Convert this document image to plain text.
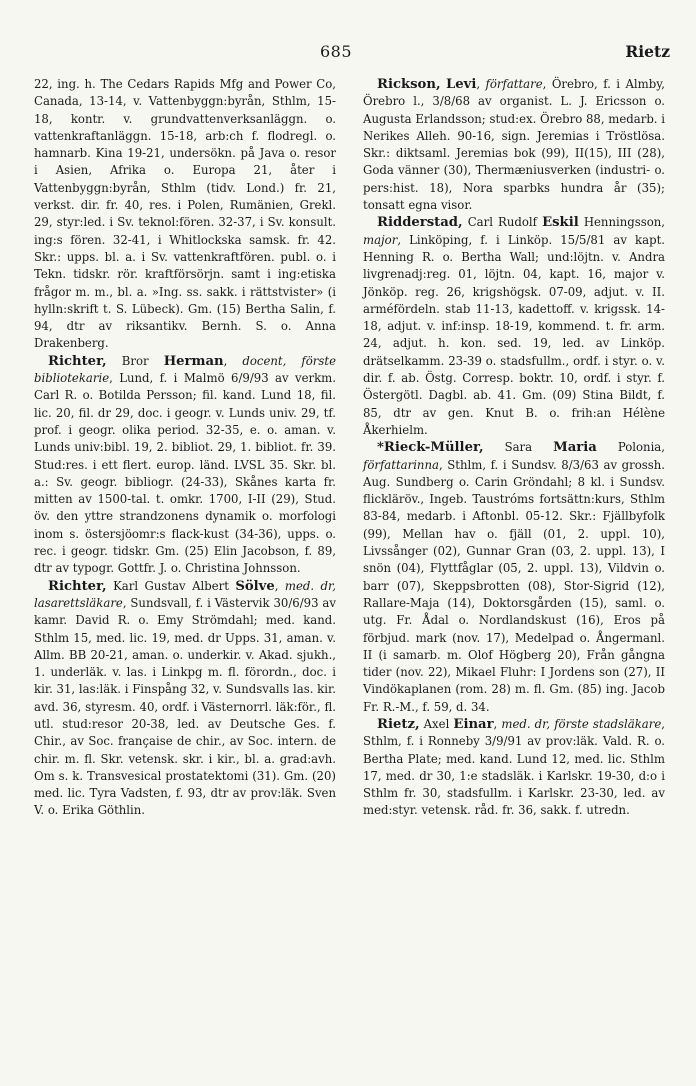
685	Rietz

22, ing. h. The Cedars Rapids Mfg and Power Co, Canada, 13-14, v. Vattenbyggn:byrån, Sthlm, 15-18, kontr. v. grundvattenverksanläggn. o. vattenkraftanläggn. 15-18, arb:ch f. flodregl. o. hamnarb. Kina 19-21, undersökn. på Java o. resor i Asien, Afrika o. Europa 21, åter i Vattenbyggn:byrån, Sthlm (tidv. Lond.) fr. 21, verkst. dir. fr. 40, res. i Polen, Rumänien, Grekl. 29, styr:led. i Sv. teknol:fören. 32-37, i Sv. konsult. ing:s fören. 32-41, i Whitlockska samsk. fr. 42. Skr.: upps. bl. a. i Sv. vattenkraftfören. publ. o. i Tekn. tidskr. rör. kraftförsörjn. samt i ing:etiska frågor m. m., bl. a. »Ing. ss. sakk. i rättstvister» (i hylln:skrift t. S. Lübeck). Gm. (15) Bertha Salin, f. 94, dtr av riksantikv. Bernh. S. o. Anna Drakenberg.

Richter, Bror Herman, docent, förste bibliotekarie, Lund, f. i Malmö 6/9/93 av verkm. Carl R. o. Botilda Persson; fil. kand. Lund 18, fil. lic. 20, fil. dr 29, doc. i geogr. v. Lunds univ. 29, tf. prof. i geogr. olika period. 32-35, e. o. aman. v. Lunds univ:bibl. 19, 2. bibliot. 29, 1. bibliot. fr. 39. Stud:res. i ett flert. europ. länd. LVSL 35. Skr. bl. a.: Sv. geogr. bibliogr. (24-33), Skånes karta fr. mitten av 1500-tal. t. omkr. 1700, I-II (29), Stud. öv. den yttre strandzonens dynamik o. morfologi inom s. östersjöomr:s flack-kust (34-36), upps. o. rec. i geogr. tidskr. Gm. (25) Elin Jacobson, f. 89, dtr av typogr. Gottfr. J. o. Christina Johnsson.

Richter, Karl Gustav Albert Sölve, med. dr, lasarettsläkare, Sundsvall, f. i Västervik 30/6/93 av kamr. David R. o. Emy Strömdahl; med. kand. Sthlm 15, med. lic. 19, med. dr Upps. 31, aman. v. Allm. BB 20-21, aman. o. underkir. v. Akad. sjukh., 1. underläk. v. las. i Linkpg m. fl. förordn., doc. i kir. 31, las:läk. i Finspång 32, v. Sundsvalls las. kir. avd. 36, styresm. 40, ordf. i Västernorrl. läk:för., fl. utl. stud:resor 20-38, led. av Deutsche Ges. f. Chir., av Soc. française de chir., av Soc. intern. de chir. m. fl. Skr. vetensk. skr. i kir., bl. a. grad:avh. Om s. k. Transvesical prostatektomi (31). Gm. (20) med. lic. Tyra Vadsten, f. 93, dtr av prov:läk. Sven V. o. Erika Göthlin.

Rickson, Levi, författare, Örebro, f. i Almby, Örebro l., 3/8/68 av organist. L. J. Ericsson o. Augusta Erlandsson; stud:ex. Örebro 88, medarb. i Nerikes Alleh. 90-16, sign. Jeremias i Tröstlösa. Skr.: diktsaml. Jeremias bok (99), II(15), III (28), Goda vänner (30), Thermæniusverken (industri- o. pers:hist. 18), Nora sparbks hundra år (35); tonsatt egna visor.

Ridderstad, Carl Rudolf Eskil Henningsson, major, Linköping, f. i Linköp. 15/5/81 av kapt. Henning R. o. Bertha Wall; und:löjtn. v. Andra livgrenadj:reg. 01, löjtn. 04, kapt. 16, major v. Jönköp. reg. 26, krigshögsk. 07-09, adjut. v. II. arméfördeln. stab 11-13, kadettoff. v. krigssk. 14-18, adjut. v. inf:insp. 18-19, kommend. t. fr. arm. 24, adjut. h. kon. sed. 19, led. av Linköp. drätselkamm. 23-39 o. stadsfullm., ordf. i styr. o. v. dir. f. ab. Östg. Corresp. boktr. 10, ordf. i styr. f. Östergötl. Dagbl. ab. 41. Gm. (09) Stina Bildt, f. 85, dtr av gen. Knut B. o. frih:an Hélène Åkerhielm.

*Rieck-Müller, Sara Maria Polonia, författarinna, Sthlm, f. i Sundsv. 8/3/63 av grossh. Aug. Sundberg o. Carin Gröndahl; 8 kl. i Sundsv. flickläröv., Ingeb. Taustróms fortsättn:kurs, Sthlm 83-84, medarb. i Aftonbl. 05-12. Skr.: Fjällbyfolk (99), Mellan hav o. fjäll (01, 2. uppl. 10), Livssånger (02), Gunnar Gran (03, 2. uppl. 13), I snön (04), Flyttfåglar (05, 2. uppl. 13), Vildvin o. barr (07), Skeppsbrotten (08), Stor-Sigrid (12), Rallare-Maja (14), Doktorsgården (15), saml. o. utg. Fr. Ådal o. Nordlandskust (16), Eros på förbjud. mark (nov. 17), Medelpad o. Ångermanl. II (i samarb. m. Olof Högberg 20), Från gångna tider (nov. 22), Mikael Fluhr: I Jordens son (27), II Vindökaplanen (rom. 28) m. fl. Gm. (85) ing. Jacob Fr. R.-M., f. 59, d. 34.

Rietz, Axel Einar, med. dr, förste stadsläkare, Sthlm, f. i Ronneby 3/9/91 av prov:läk. Vald. R. o. Bertha Plate; med. kand. Lund 12, med. lic. Sthlm 17, med. dr 30, 1:e stadsläk. i Karlskr. 19-30, d:o i Sthlm fr. 30, stadsfullm. i Karlskr. 23-30, led. av med:styr. vetensk. råd. fr. 36, sakk. f. utredn.
